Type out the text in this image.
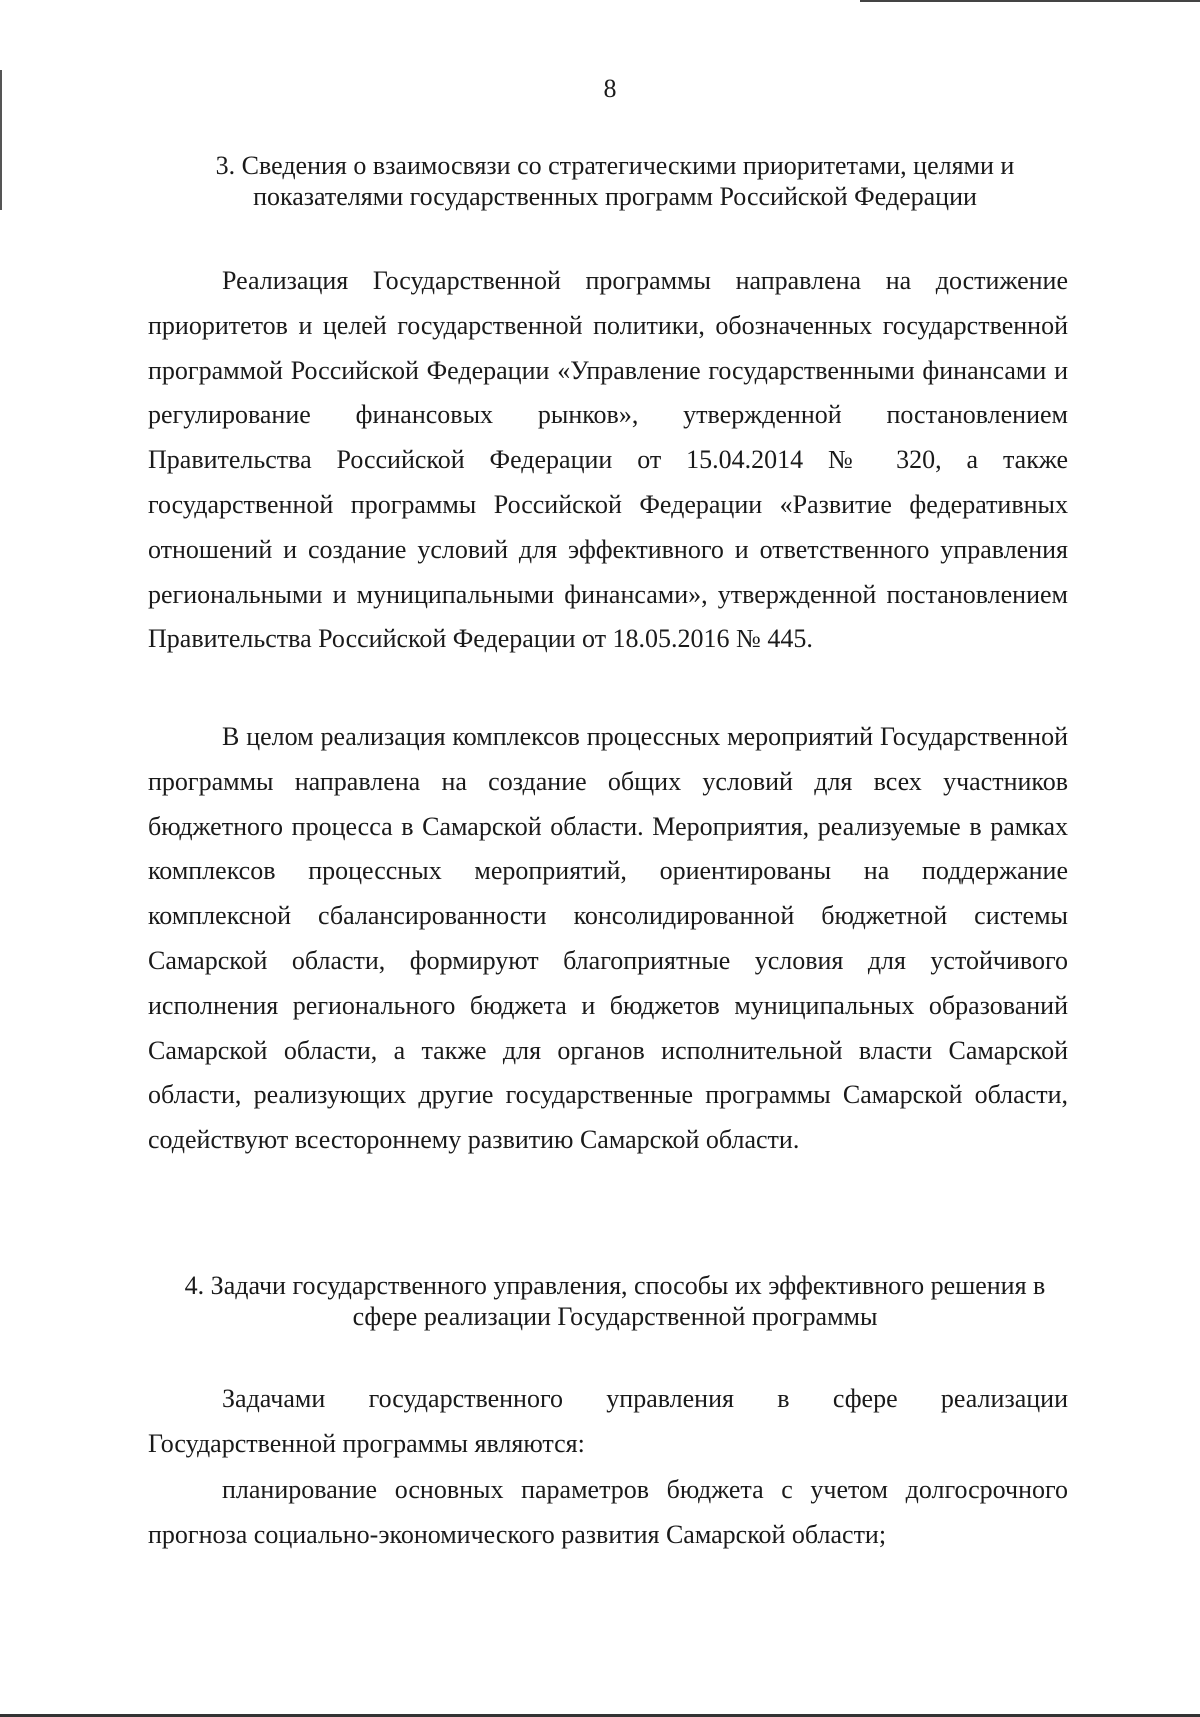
8
3. Сведения о взаимосвязи со стратегическими приоритетами, целями и показателями государственных программ Российской Федерации

Реализация Государственной программы направлена на достижение приоритетов и целей государственной политики, обозначенных государственной программой Российской Федерации «Управление государственными финансами и регулирование финансовых рынков», утвержденной постановлением Правительства Российской Федерации от 15.04.2014 № 320, а также государственной программы Российской Федерации «Развитие федеративных отношений и создание условий для эффективного и ответственного управления региональными и муниципальными финансами», утвержденной постановлением Правительства Российской Федерации от 18.05.2016 № 445.

В целом реализация комплексов процессных мероприятий Государственной программы направлена на создание общих условий для всех участников бюджетного процесса в Самарской области. Мероприятия, реализуемые в рамках комплексов процессных мероприятий, ориентированы на поддержание комплексной сбалансированности консолидированной бюджетной системы Самарской области, формируют благоприятные условия для устойчивого исполнения регионального бюджета и бюджетов муниципальных образований Самарской области, а также для органов исполнительной власти Самарской области, реализующих другие государственные программы Самарской области, содействуют всестороннему развитию Самарской области.

4. Задачи государственного управления, способы их эффективного решения в сфере реализации Государственной программы

Задачами государственного управления в сфере реализации Государственной программы являются:

планирование основных параметров бюджета с учетом долгосрочного прогноза социально-экономического развития Самарской области;
